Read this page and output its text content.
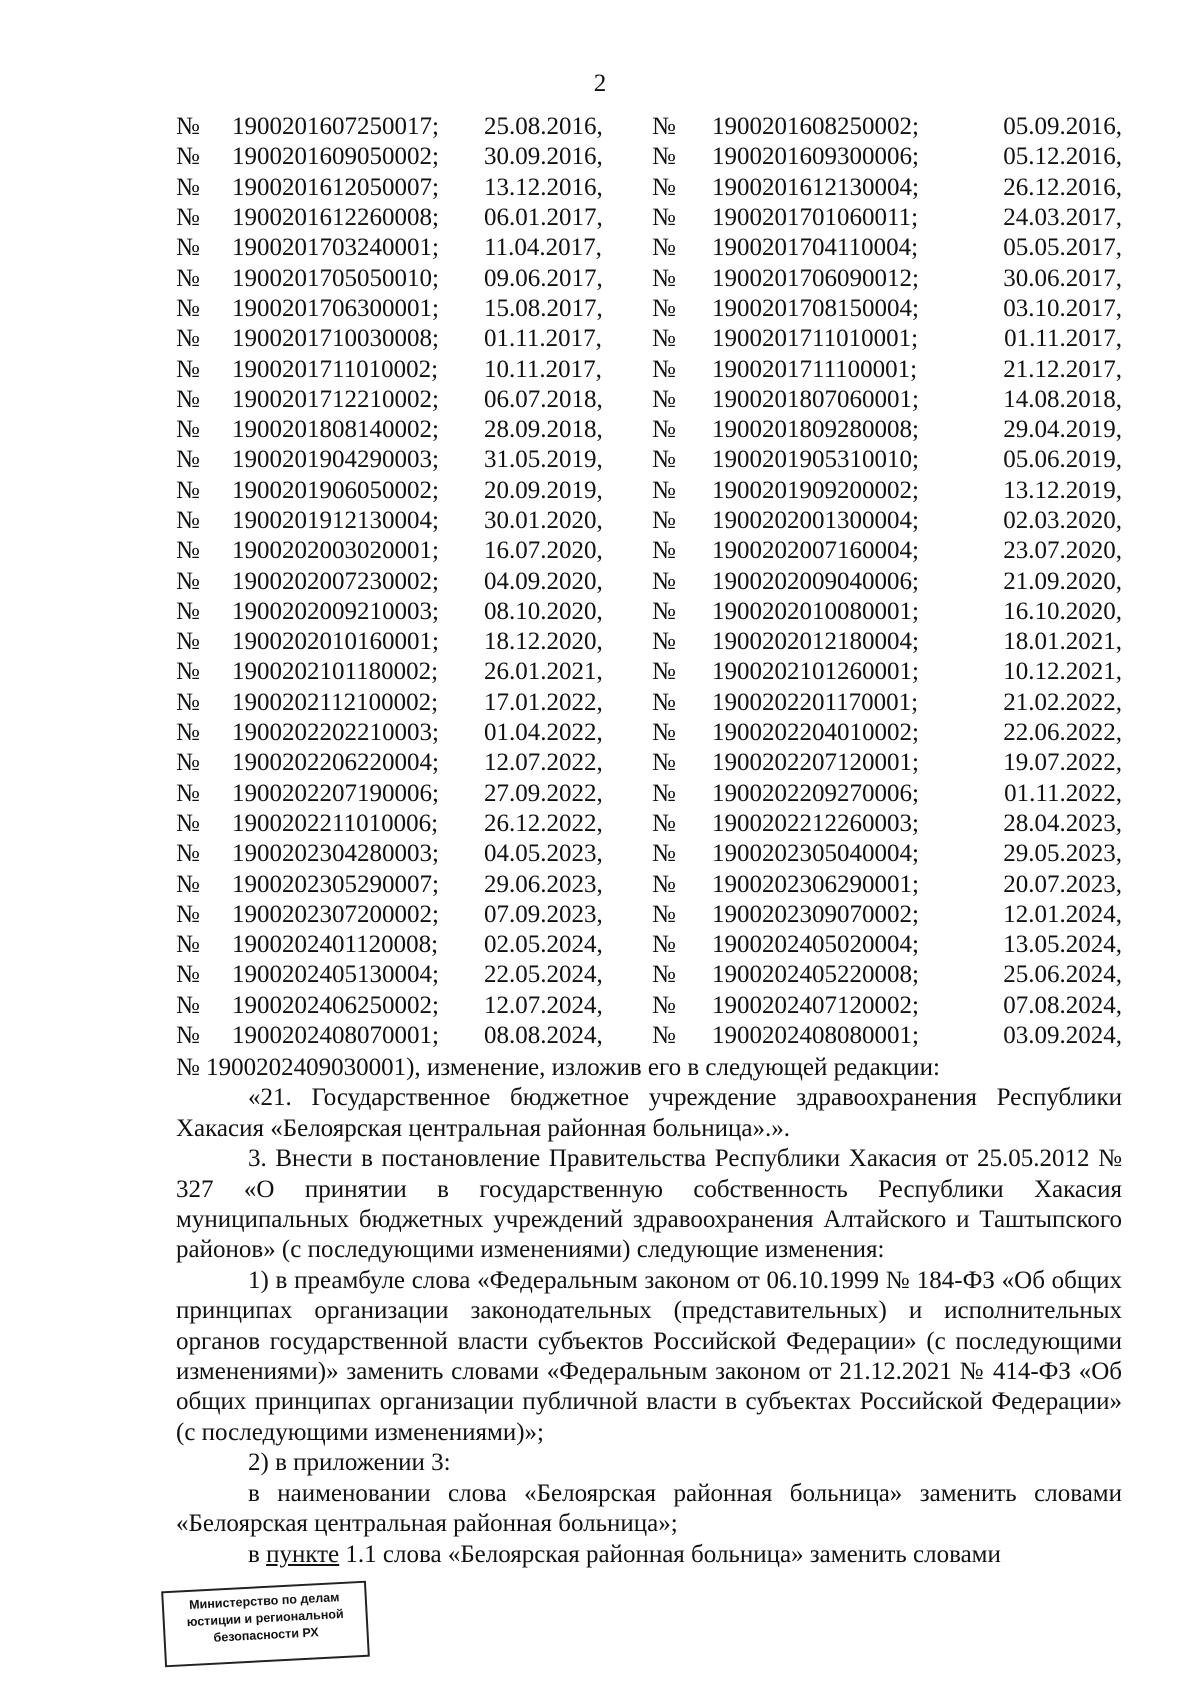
2
№	1900201607250017;	25.08.2016,	№	1900201608250002;	05.09.2016,
№	1900201609050002;	30.09.2016,	№	1900201609300006;	05.12.2016,
№	1900201612050007;	13.12.2016,	№	1900201612130004;	26.12.2016,
№	1900201612260008;	06.01.2017,	№	1900201701060011;	24.03.2017,
№	1900201703240001;	11.04.2017,	№	1900201704110004;	05.05.2017,
№	1900201705050010;	09.06.2017,	№	1900201706090012;	30.06.2017,
№	1900201706300001;	15.08.2017,	№	1900201708150004;	03.10.2017,
№	1900201710030008;	01.11.2017,	№	1900201711010001;	01.11.2017,
№	1900201711010002;	10.11.2017,	№	1900201711100001;	21.12.2017,
№	1900201712210002;	06.07.2018,	№	1900201807060001;	14.08.2018,
№	1900201808140002;	28.09.2018,	№	1900201809280008;	29.04.2019,
№	1900201904290003;	31.05.2019,	№	1900201905310010;	05.06.2019,
№	1900201906050002;	20.09.2019,	№	1900201909200002;	13.12.2019,
№	1900201912130004;	30.01.2020,	№	1900202001300004;	02.03.2020,
№	1900202003020001;	16.07.2020,	№	1900202007160004;	23.07.2020,
№	1900202007230002;	04.09.2020,	№	1900202009040006;	21.09.2020,
№	1900202009210003;	08.10.2020,	№	1900202010080001;	16.10.2020,
№	1900202010160001;	18.12.2020,	№	1900202012180004;	18.01.2021,
№	1900202101180002;	26.01.2021,	№	1900202101260001;	10.12.2021,
№	1900202112100002;	17.01.2022,	№	1900202201170001;	21.02.2022,
№	1900202202210003;	01.04.2022,	№	1900202204010002;	22.06.2022,
№	1900202206220004;	12.07.2022,	№	1900202207120001;	19.07.2022,
№	1900202207190006;	27.09.2022,	№	1900202209270006;	01.11.2022,
№	1900202211010006;	26.12.2022,	№	1900202212260003;	28.04.2023,
№	1900202304280003;	04.05.2023,	№	1900202305040004;	29.05.2023,
№	1900202305290007;	29.06.2023,	№	1900202306290001;	20.07.2023,
№	1900202307200002;	07.09.2023,	№	1900202309070002;	12.01.2024,
№	1900202401120008;	02.05.2024,	№	1900202405020004;	13.05.2024,
№	1900202405130004;	22.05.2024,	№	1900202405220008;	25.06.2024,
№	1900202406250002;	12.07.2024,	№	1900202407120002;	07.08.2024,
№	1900202408070001;	08.08.2024,	№	1900202408080001;	03.09.2024,

№ 1900202409030001), изменение, изложив его в следующей редакции:

«21. Государственное бюджетное учреждение здравоохранения Республики Хакасия «Белоярская центральная районная больница».».

3. Внести в постановление Правительства Республики Хакасия от 25.05.2012 № 327 «О принятии в государственную собственность Республики Хакасия муниципальных бюджетных учреждений здравоохранения Алтайского и Таштыпского районов» (с последующими изменениями) следующие изменения:

1) в преамбуле слова «Федеральным законом от 06.10.1999 № 184-ФЗ «Об общих принципах организации законодательных (представительных) и исполнительных органов государственной власти субъектов Российской Федерации» (с последующими изменениями)» заменить словами «Федеральным законом от 21.12.2021 № 414-ФЗ «Об общих принципах организации публичной власти в субъектах Российской Федерации» (с последующими изменениями)»;

2) в приложении 3:

в наименовании слова «Белоярская районная больница» заменить словами «Белоярская центральная районная больница»;

в пункте 1.1 слова «Белоярская районная больница» заменить словами

Министерство по делам
юстиции и региональной
безопасности РХ
